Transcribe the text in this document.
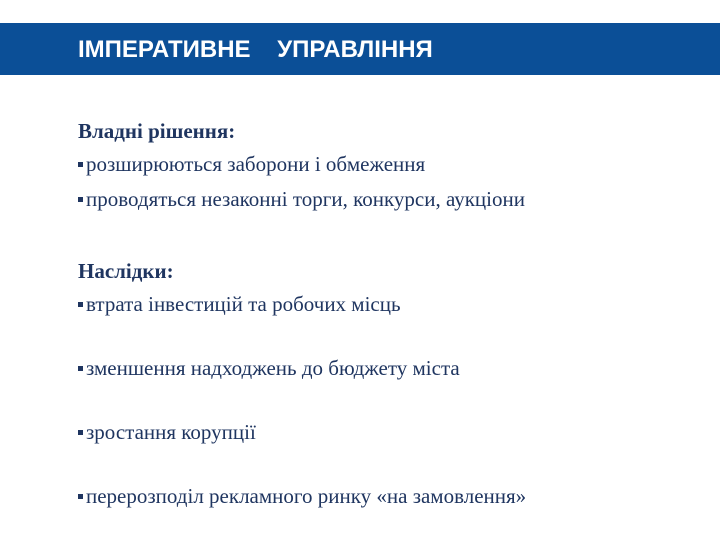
ІМПЕРАТИВНЕ    УПРАВЛІННЯ
Владні рішення:
розширюються заборони і обмеження
проводяться незаконні торги, конкурси, аукціони
Наслідки:
втрата інвестицій та робочих місць
зменшення надходжень до бюджету міста
зростання корупції
перерозподіл рекламного ринку «на замовлення»
